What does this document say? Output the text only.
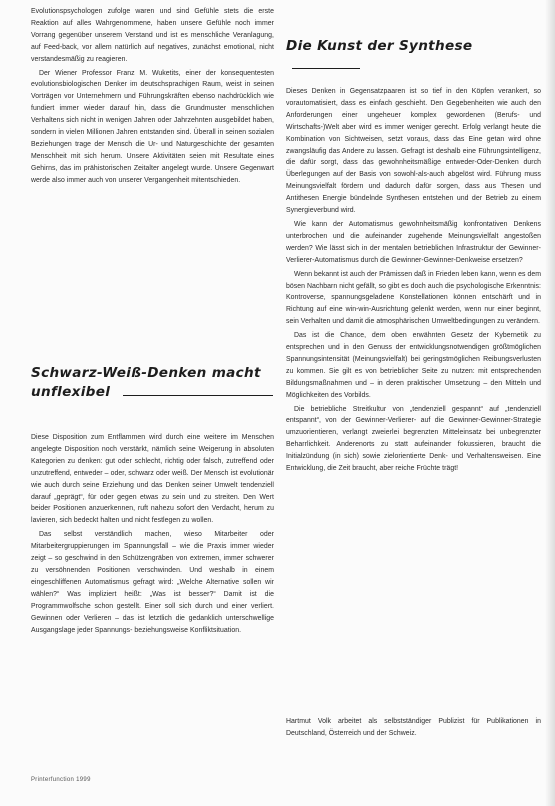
Evolutionspsychologen zufolge waren und sind Gefühle stets die erste Reaktion auf alles Wahrgenommene, haben unsere Gefühle noch immer Vorrang gegenüber unserem Verstand und ist es menschliche Veranlagung, auf Feed-back, vor allem natürlich auf negatives, zunächst emotional, nicht verstandesmäßig zu reagieren.

Der Wiener Professor Franz M. Wuketits, einer der konsequentesten evolutionsbiologischen Denker im deutschsprachigen Raum, weist in seinen Vorträgen vor Unternehmern und Führungskräften ebenso nachdrücklich wie fundiert immer wieder darauf hin, dass die Grundmuster menschlichen Verhaltens sich nicht in wenigen Jahren oder Jahrzehnten ausgebildet haben, sondern in vielen Millionen Jahren entstanden sind. Überall in seinen sozialen Beziehungen trage der Mensch die Ur- und Naturgeschichte der gesamten Menschheit mit sich herum. Unsere Aktivitäten seien mit Resultate eines Gehirns, das im prähistorischen Zeitalter angelegt wurde. Unsere Gegenwart werde also immer auch von unserer Vergangenheit mitentschieden.

Schwarz-Weiß-Denken macht
unflexibel

Diese Disposition zum Entflammen wird durch eine weitere im Menschen angelegte Disposition noch verstärkt, nämlich seine Weigerung in absoluten Kategorien zu denken: gut oder schlecht, richtig oder falsch, zutreffend oder unzutreffend, entweder – oder, schwarz oder weiß. Der Mensch ist evolutionär wie auch durch seine Erziehung und das Denken seiner Umwelt tendenziell darauf „geprägt“, für oder gegen etwas zu sein und zu streiten. Den Wert beider Positionen anzuerkennen, ruft nahezu sofort den Verdacht, herum zu lavieren, sich bedeckt halten und nicht festlegen zu wollen.

Das selbst verständlich machen, wieso Mitarbeiter oder Mitarbeitergruppierungen im Spannungsfall – wie die Praxis immer wieder zeigt – so geschwind in den Schützengräben von extremen, immer schwerer zu versöhnenden Positionen verschwinden. Und weshalb in einem eingeschliffenen Automatismus gefragt wird: „Welche Alternative sollen wir wählen?“ Was impliziert heißt: „Was ist besser?“ Damit ist die Programmwolfsche schon gestellt. Einer soll sich durch und einer verliert. Gewinnen oder Verlieren – das ist letztlich die gedanklich unterschwellige Ausgangslage jeder Spannungs- beziehungsweise Konfliktsituation.

Die Kunst der Synthese

Dieses Denken in Gegensatzpaaren ist so tief in den Köpfen verankert, so vorautomatisiert, dass es einfach geschieht. Den Gegebenheiten wie auch den Anforderungen einer ungeheuer komplex gewordenen (Berufs- und Wirtschafts-)Welt aber wird es immer weniger gerecht. Erfolg verlangt heute die Kombination von Sichtweisen, setzt voraus, dass das Eine getan wird ohne zwangsläufig das Andere zu lassen. Gefragt ist deshalb eine Führungsintelligenz, die dafür sorgt, dass das gewohnheitsmäßige entweder-Oder-Denken durch Überlegungen auf der Basis von sowohl-als-auch abgelöst wird. Führung muss Meinungsvielfalt fördern und dadurch dafür sorgen, dass aus Thesen und Antithesen Energie bündelnde Synthesen entstehen und der Betrieb zu einem Synergieverbund wird.

Wie kann der Automatismus gewohnheitsmäßig konfrontativen Denkens unterbrochen und die aufeinander zugehende Meinungsvielfalt angestoßen werden? Wie lässt sich in der mentalen betrieblichen Infrastruktur der Gewinner-Verlierer-Automatismus durch die Gewinner-Gewinner-Denkweise ersetzen?

Wenn bekannt ist auch der Prämissen daß in Frieden leben kann, wenn es dem bösen Nachbarn nicht gefällt, so gibt es doch auch die psychologische Erkenntnis: Kontroverse, spannungsgeladene Konstellationen können entschärft und in Richtung auf eine win-win-Ausrichtung gelenkt werden, wenn nur einer beginnt, sein Verhalten und damit die atmosphärischen Umweltbedingungen zu verändern.

Das ist die Chance, dem oben erwähnten Gesetz der Kybernetik zu entsprechen und in den Genuss der entwicklungsnotwendigen größtmöglichen Spannungsintensität (Meinungsvielfalt) bei geringstmöglichen Reibungsverlusten zu kommen. Sie gilt es von betrieblicher Seite zu nutzen: mit entsprechenden Bildungsmaßnahmen und – in deren praktischer Umsetzung – den Mitteln und Möglichkeiten des Vorbilds.

Die betriebliche Streitkultur von „tendenziell gespannt“ auf „tendenziell entspannt“, von der Gewinner-Verlierer- auf die Gewinner-Gewinner-Strategie umzuorientieren, verlangt zweierlei begrenzten Mitteleinsatz bei unbegrenzter Beharrlichkeit. Anderenorts zu statt aufeinander fokussieren, braucht die Initialzündung (in sich) sowie zielorientierte Denk- und Verhaltensweisen. Eine Entwicklung, die Zeit braucht, aber reiche Früchte trägt!

Hartmut Volk arbeitet als selbstständiger Publizist für Publikationen in Deutschland, Österreich und der Schweiz.

Printerfunction 1999
